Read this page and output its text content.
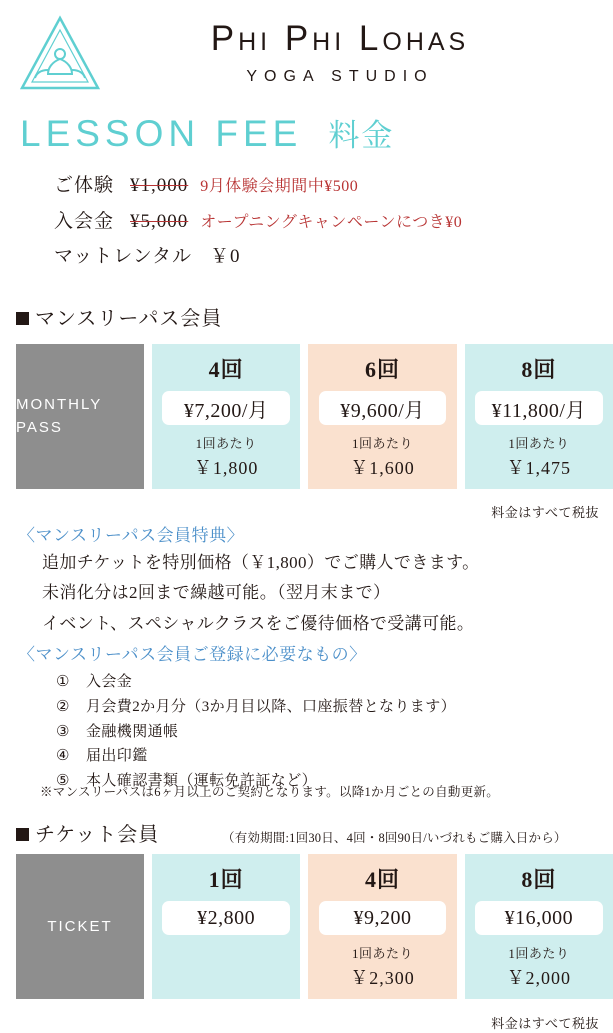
Phi Phi Lohas
YOGA STUDIO
LESSON FEE 料金
ご体験 ¥1,000 9月体験会期間中¥500
入会金 ¥5,000 オープニングキャンペーンにつき¥0
マットレンタル ￥0
マンスリーパス会員
MONTHLY PASS
4回
¥7,200/月
1回あたり
￥1,800
6回
¥9,600/月
1回あたり
￥1,600
8回
¥11,800/月
1回あたり
￥1,475
料金はすべて税抜
〈マンスリーパス会員特典〉
追加チケットを特別価格（￥1,800）でご購人できます。
未消化分は2回まで繰越可能。（翌月末まで）
イベント、スペシャルクラスをご優待価格で受講可能。
〈マンスリーパス会員ご登録に必要なもの〉
①	入会金
②	月会費2か月分（3か月目以降、口座振替となります）
③	金融機関通帳
④	届出印鑑
⑤	本人確認書類（運転免許証など）
※マンスリーパスは6ヶ月以上のご契約となります。以降1か月ごとの自動更新。
チケット会員	（有効期間:1回30日、4回・8回90日/いづれもご購入日から）
TICKET
1回
¥2,800
4回
¥9,200
1回あたり
￥2,300
8回
¥16,000
1回あたり
￥2,000
料金はすべて税抜
